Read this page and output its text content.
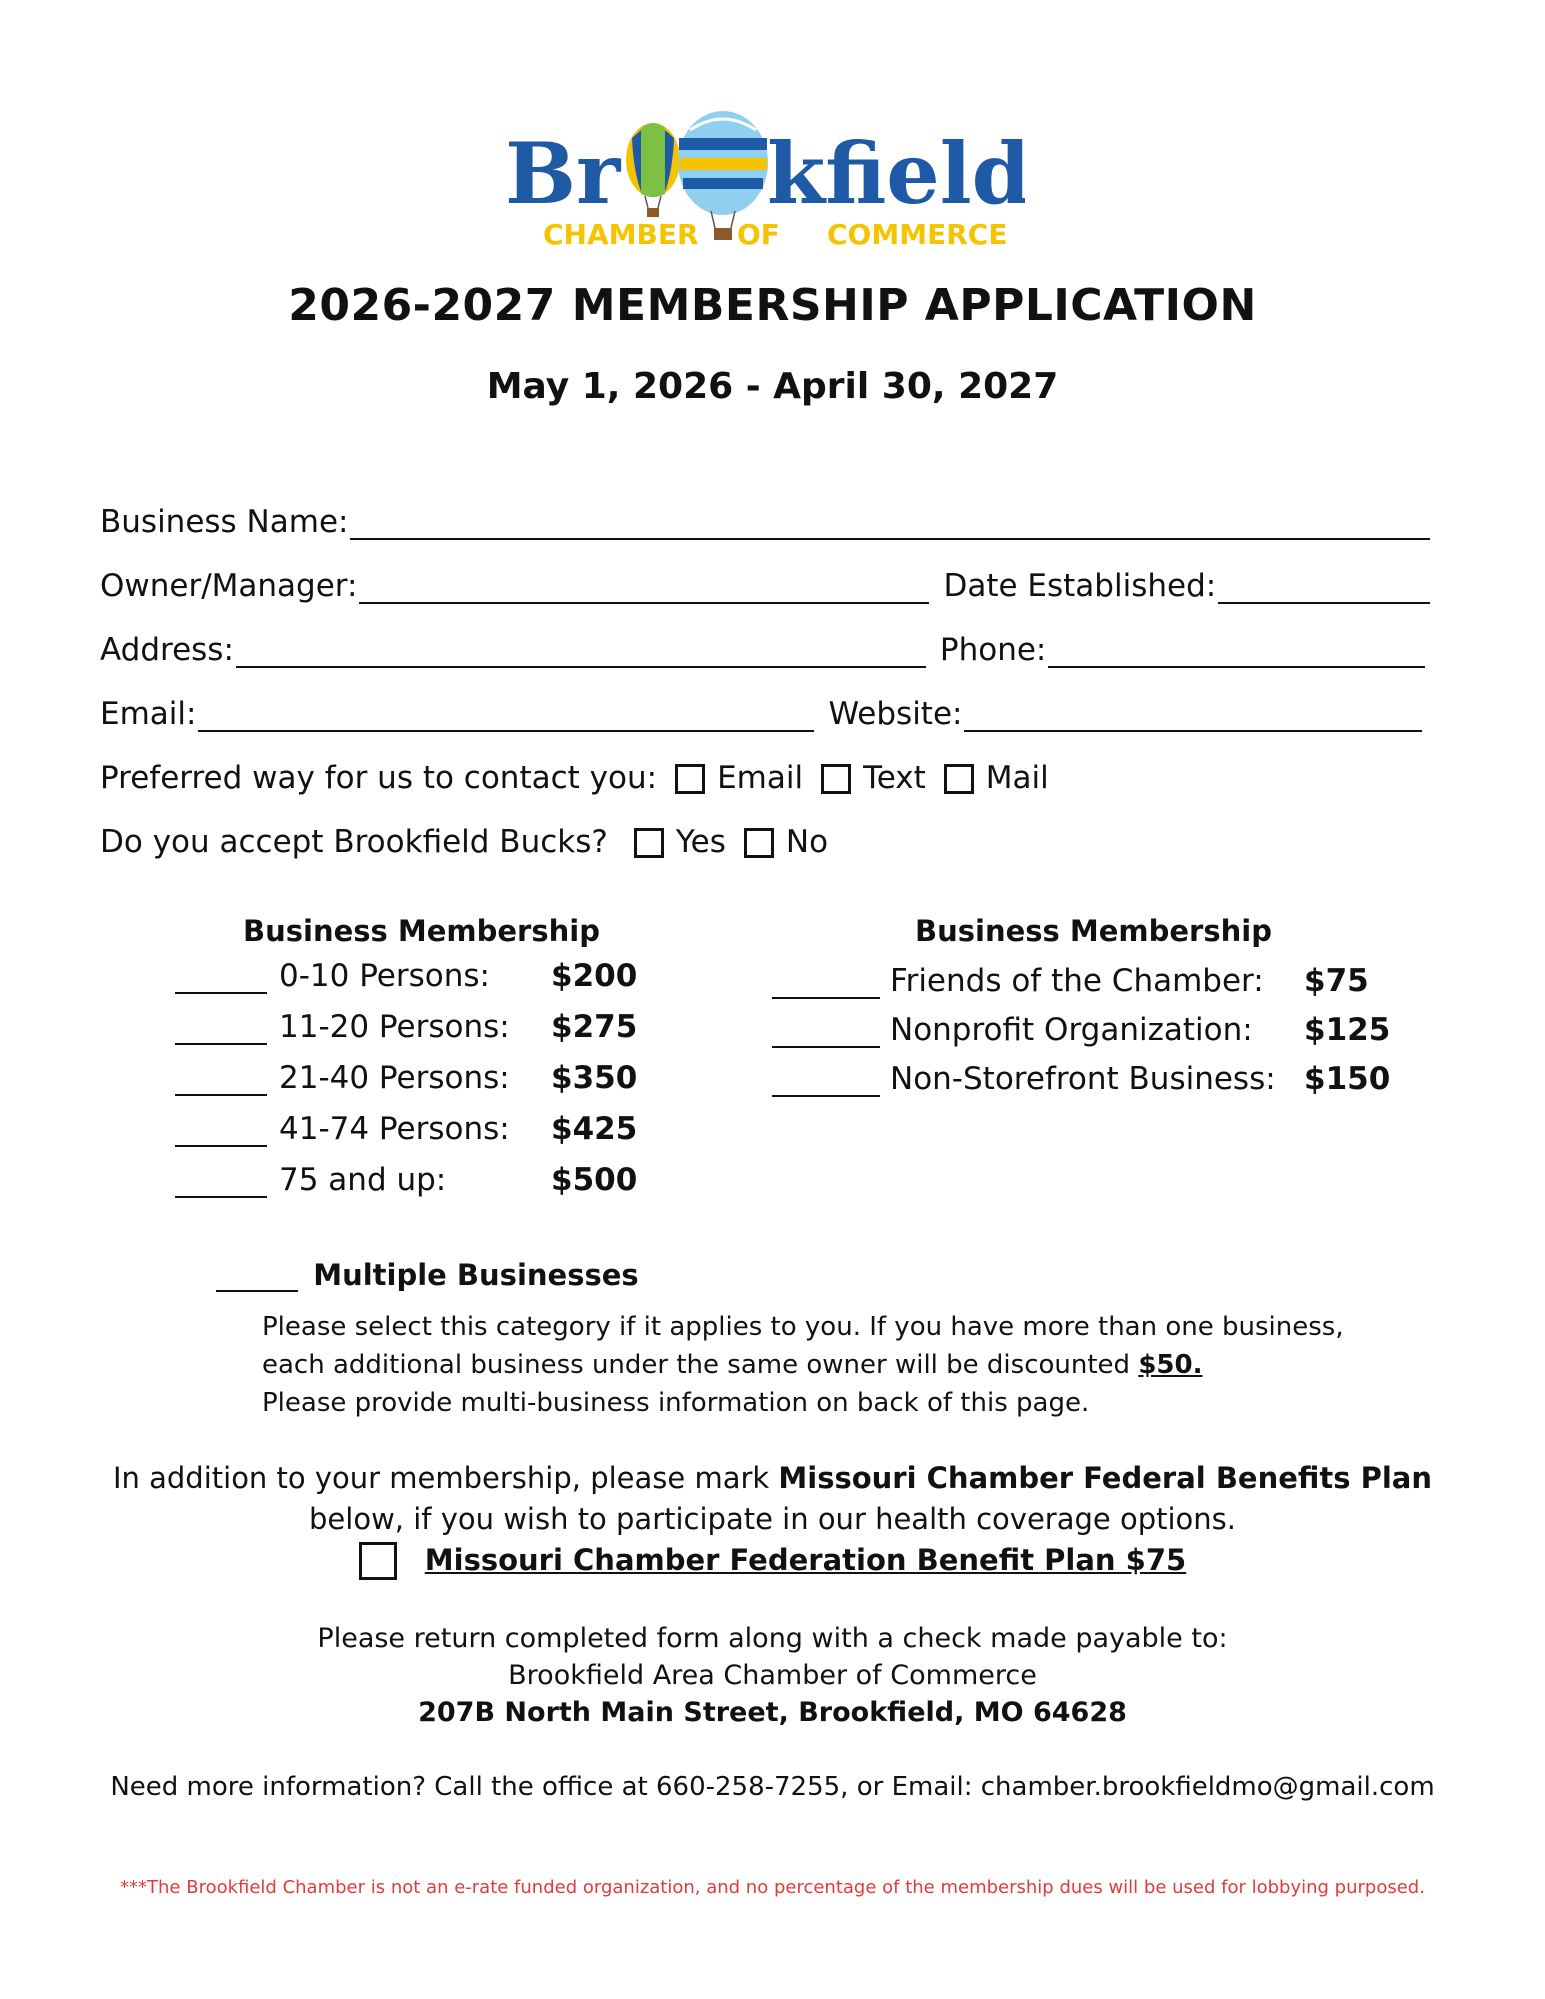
Br kfield
CHAMBER OF COMMERCE
2026-2027 MEMBERSHIP APPLICATION
May 1, 2026 - April 30, 2027
Business Name:
Owner/Manager:	Date Established:
Address:	Phone:
Email:	Website:
Preferred way for us to contact you: Email Text Mail
Do you accept Brookfield Bucks? Yes No
Business Membership
0-10 Persons: $200
11-20 Persons: $275
21-40 Persons: $350
41-74 Persons: $425
75 and up:	$500
Business Membership
Friends of the Chamber: $75
Nonprofit Organization: $125
Non-Storefront Business: $150
Multiple Businesses
Please select this category if it applies to you. If you have more than one business,
each additional business under the same owner will be discounted $50.
Please provide multi-business information on back of this page.
In addition to your membership, please mark Missouri Chamber Federal Benefits Plan
below, if you wish to participate in our health coverage options.
Missouri Chamber Federation Benefit Plan $75
Please return completed form along with a check made payable to:
Brookfield Area Chamber of Commerce
207B North Main Street, Brookfield, MO 64628
Need more information? Call the office at 660-258-7255, or Email: chamber.brookfieldmo@gmail.com
***The Brookfield Chamber is not an e-rate funded organization, and no percentage of the membership dues will be used for lobbying purposed.
